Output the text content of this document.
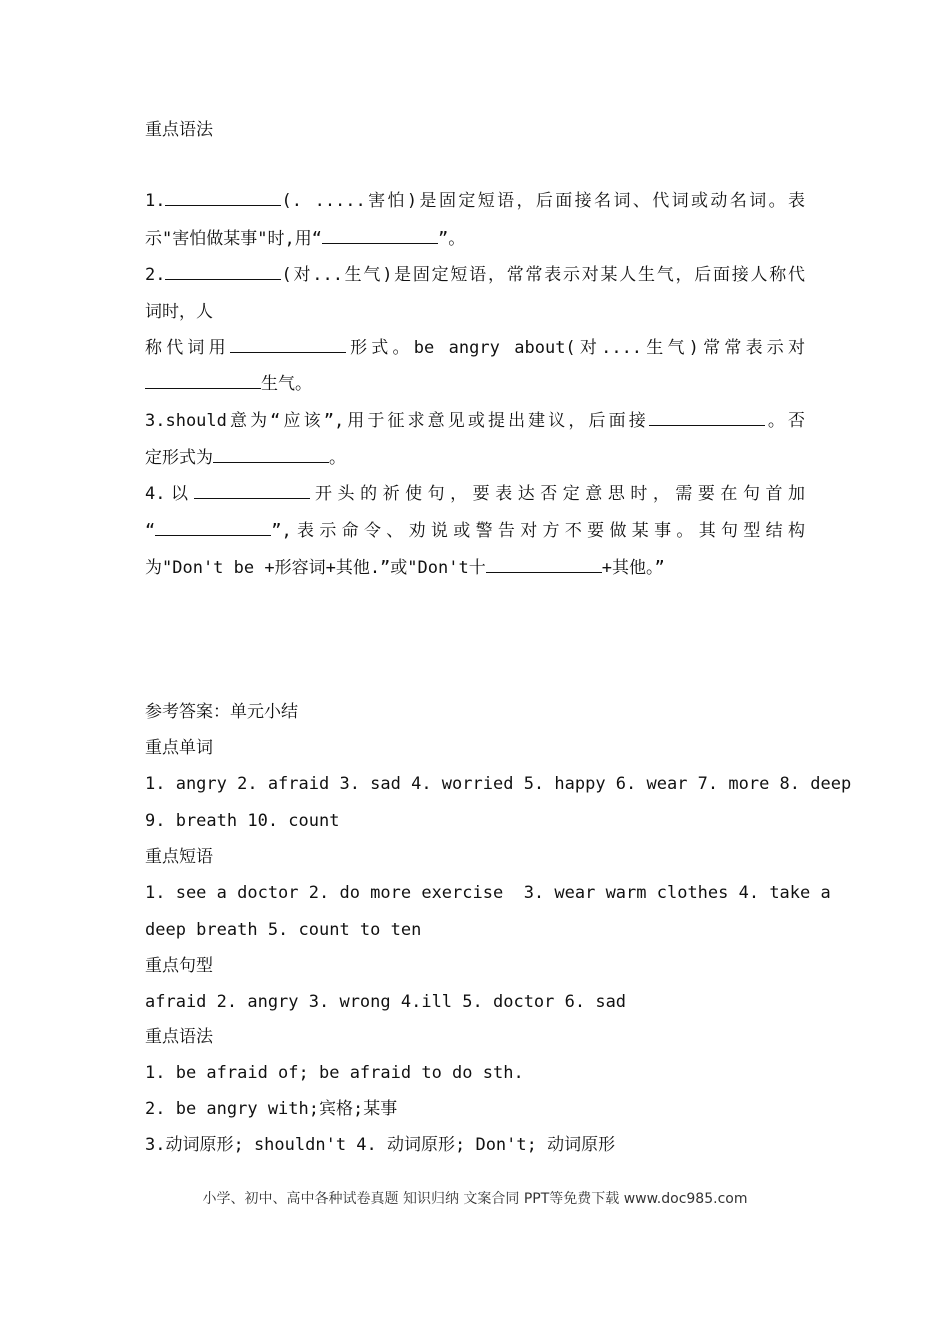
重点语法
1.	(. .....害怕)是固定短语，后面接名词、代词或动名词。表
示"害怕做某事"时,用“	”。
2.	(对...生气)是固定短语，常常表示对某人生气，后面接人称代
词时，人
称代词用	形式。be angry about(对....生气)常常表示对
生气。
3.should意为“应该”,用于征求意见或提出建议，后面接	。否
定形式为	。
4.以	开头的祈使句，要表达否定意思时，需要在句首加
“	”,表示命令、劝说或警告对方不要做某事。其句型结构
为"Don't be +形容词+其他.”或"Don't十	+其他。”
参考答案：单元小结
重点单词
1. angry 2. afraid 3. sad 4. worried 5. happy 6. wear 7. more 8. deep
9. breath 10. count
重点短语
1. see a doctor 2. do more exercise  3. wear warm clothes 4. take a
deep breath 5. count to ten
重点句型
afraid 2. angry 3. wrong 4.ill 5. doctor 6. sad
重点语法
1. be afraid of; be afraid to do sth.
2. be angry with;宾格;某事
3.动词原形; shouldn't 4. 动词原形; Don't; 动词原形
小学、初中、高中各种试卷真题 知识归纳 文案合同 PPT等免费下载 www.doc985.com
